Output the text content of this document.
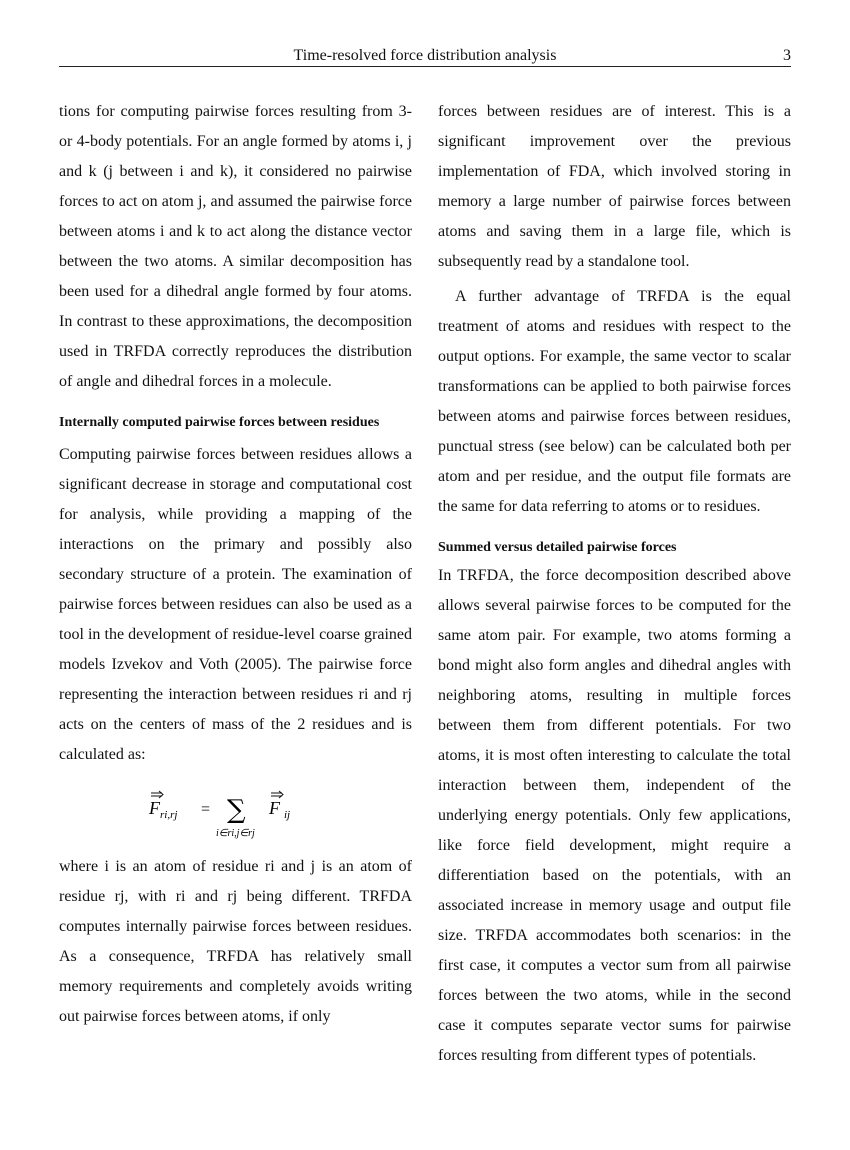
Time-resolved force distribution analysis	3

tions for computing pairwise forces resulting from 3- or 4-body potentials. For an angle formed by atoms i, j and k (j between i and k), it considered no pairwise forces to act on atom j, and assumed the pairwise force between atoms i and k to act along the distance vector between the two atoms. A similar decomposition has been used for a dihedral angle formed by four atoms. In contrast to these approximations, the decomposition used in TRFDA correctly reproduces the distribution of angle and dihedral forces in a molecule.

Internally computed pairwise forces between residues

Computing pairwise forces between residues allows a significant decrease in storage and computational cost for analysis, while providing a mapping of the interactions on the primary and possibly also secondary structure of a protein. The examination of pairwise forces between residues can also be used as a tool in the development of residue-level coarse grained models Izvekov and Voth (2005). The pairwise force representing the interaction between residues ri and rj acts on the centers of mass of the 2 residues and is calculated as:

F ri,rj = ∑
i∈ri,j∈rj
F ij

where i is an atom of residue ri and j is an atom of residue rj, with ri and rj being different. TRFDA computes internally pairwise forces between residues. As a consequence, TRFDA has relatively small memory requirements and completely avoids writing out pairwise forces between atoms, if only

forces between residues are of interest. This is a significant improvement over the previous implementation of FDA, which involved storing in memory a large number of pairwise forces between atoms and saving them in a large file, which is subsequently read by a standalone tool.

A further advantage of TRFDA is the equal treatment of atoms and residues with respect to the output options. For example, the same vector to scalar transformations can be applied to both pairwise forces between atoms and pairwise forces between residues, punctual stress (see below) can be calculated both per atom and per residue, and the output file formats are the same for data referring to atoms or to residues.

Summed versus detailed pairwise forces

In TRFDA, the force decomposition described above allows several pairwise forces to be computed for the same atom pair. For example, two atoms forming a bond might also form angles and dihedral angles with neighboring atoms, resulting in multiple forces between them from different potentials. For two atoms, it is most often interesting to calculate the total interaction between them, independent of the underlying energy potentials. Only few applications, like force field development, might require a differentiation based on the potentials, with an associated increase in memory usage and output file size. TRFDA accommodates both scenarios: in the first case, it computes a vector sum from all pairwise forces between the two atoms, while in the second case it computes separate vector sums for pairwise forces resulting from different types of potentials.
